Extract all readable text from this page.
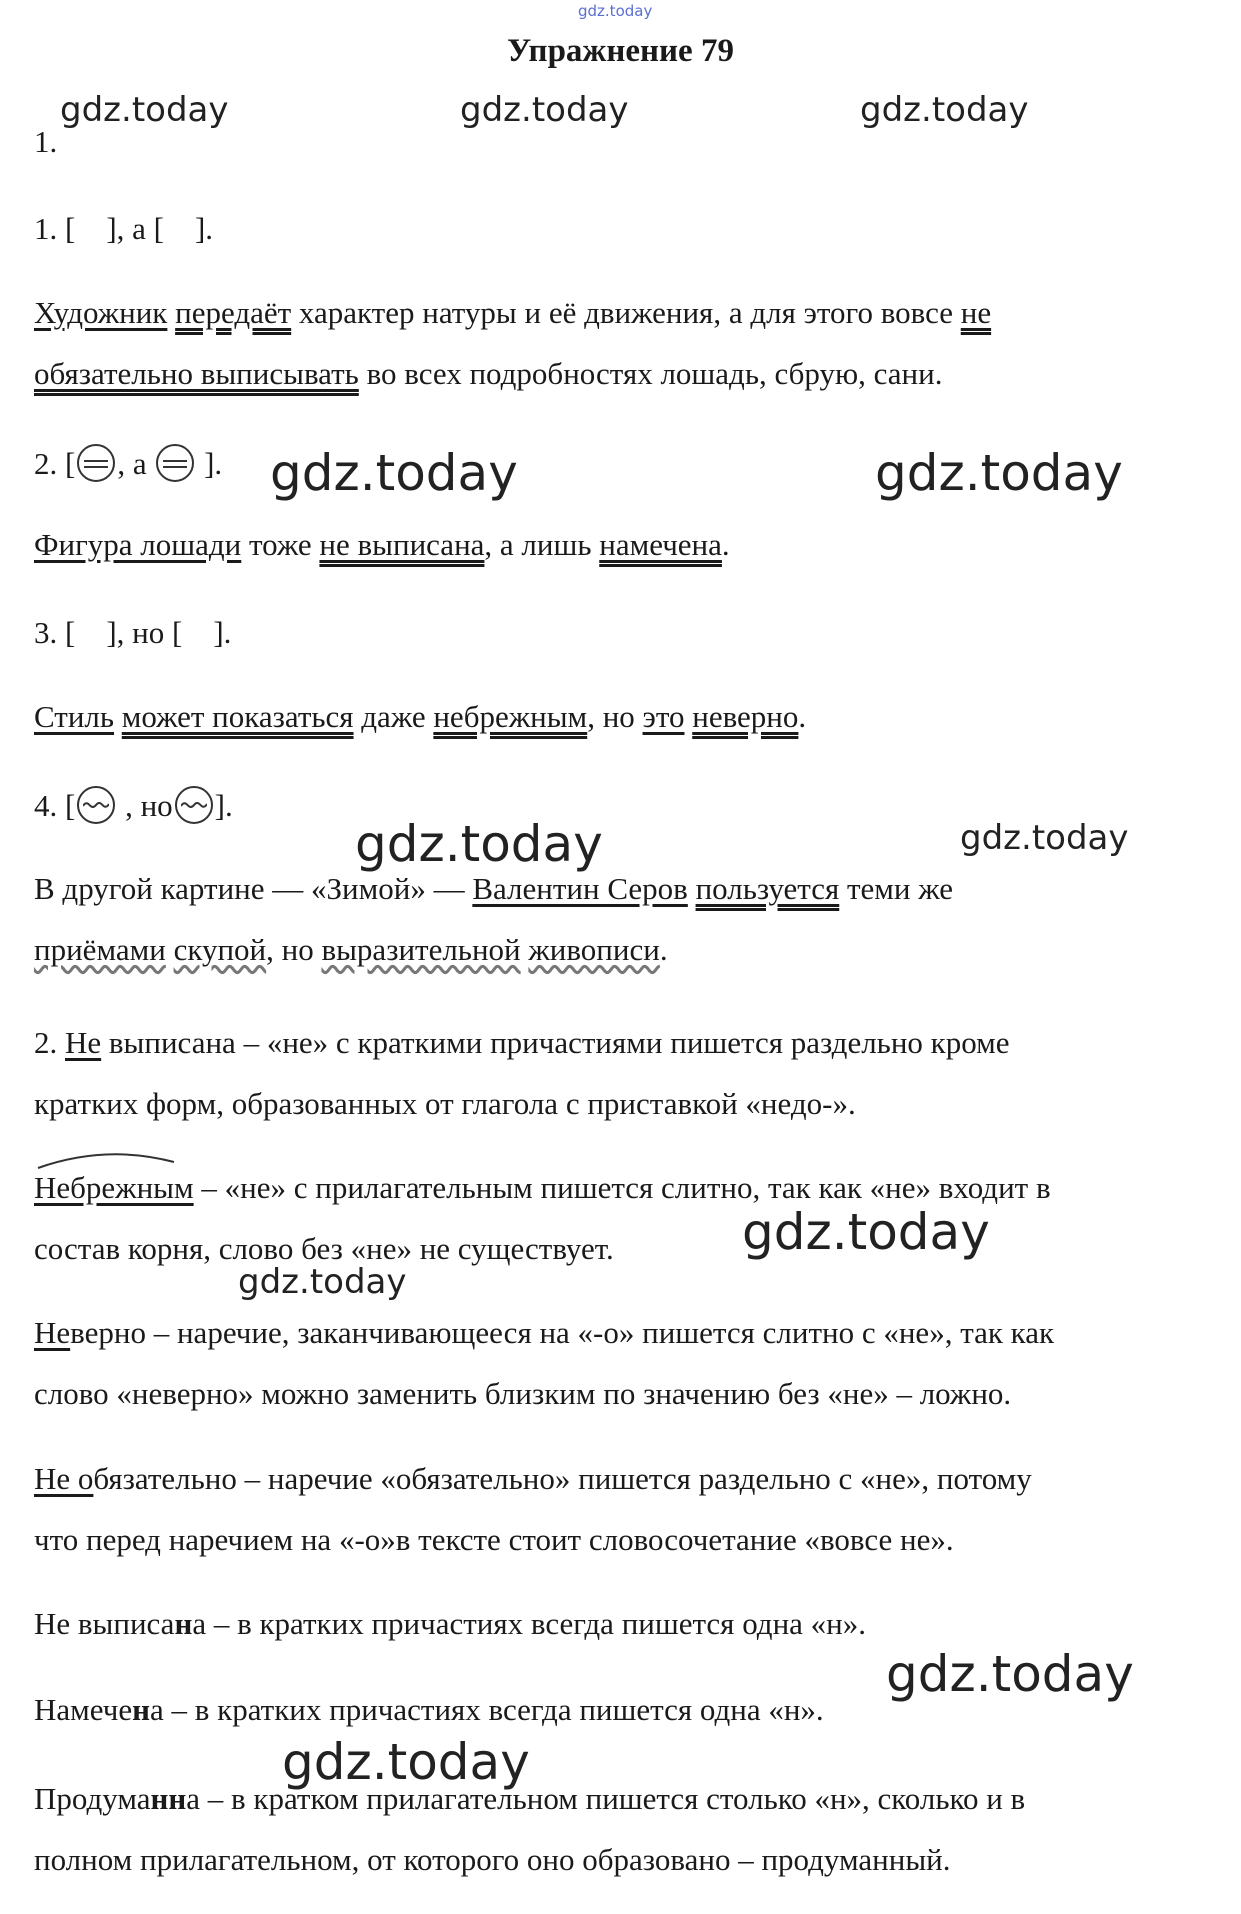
gdz.today
Упражнение 79

1.

1. [ ], а [ ].

Художник передаёт характер натуры и её движения, а для этого вовсе не

обязательно выписывать во всех подробностях лошадь, сбрую, сани.

2. [ , а ].

Фигура лошади тоже не выписана, а лишь намечена.

3. [ ], но [ ].

Стиль может показаться даже небрежным, но это неверно.

4. [ , но ].

В другой картине — «Зимой» — Валентин Серов пользуется теми же

приёмами скупой, но выразительной живописи.

2. Не выписана – «не» с краткими причастиями пишется раздельно кроме

кратких форм, образованных от глагола с приставкой «недо-».

Небрежным – «не» с прилагательным пишется слитно, так как «не» входит в

состав корня, слово без «не» не существует.

Неверно – наречие, заканчивающееся на «-о» пишется слитно с «не», так как

слово «неверно» можно заменить близким по значению без «не» – ложно.

Не обязательно – наречие «обязательно» пишется раздельно с «не», потому

что перед наречием на «-о»в тексте стоит словосочетание «вовсе не».

Не выписана – в кратких причастиях всегда пишется одна «н».

Намечена – в кратких причастиях всегда пишется одна «н».

Продуманна – в кратком прилагательном пишется столько «н», сколько и в

полном прилагательном, от которого оно образовано – продуманный.

gdz.today	gdz.today	gdz.today
gdz.today	gdz.today
gdz.today	gdz.today
gdz.today
gdz.today
gdz.today
gdz.today
